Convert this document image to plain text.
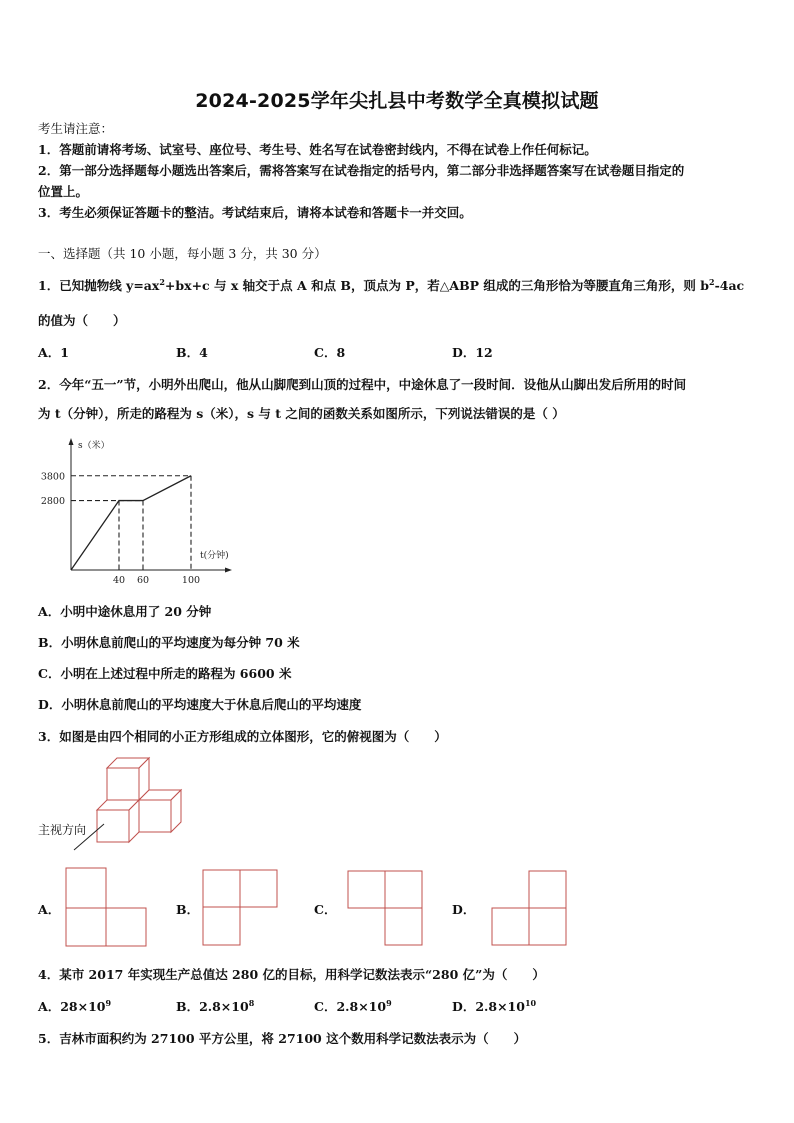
2024-2025学年尖扎县中考数学全真模拟试题
考生请注意：
1．答题前请将考场、试室号、座位号、考生号、姓名写在试卷密封线内，不得在试卷上作任何标记。
2．第一部分选择题每小题选出答案后，需将答案写在试卷指定的括号内，第二部分非选择题答案写在试卷题目指定的
位置上。
3．考生必须保证答题卡的整洁。考试结束后，请将本试卷和答题卡一并交回。
一、选择题（共 10 小题，每小题 3 分，共 30 分）
1．已知抛物线 $y=ax^2+bx+c$ 与 x 轴交于点 A 和点 B，顶点为 P，若△ABP 组成的三角形恰为等腰直角三角形，则 $b^2-4ac$
的值为（　　）
A．1	B．4	C．8	D．12
2．今年“五一”节，小明外出爬山，他从山脚爬到山顶的过程中，中途休息了一段时间．设他从山脚出发后所用的时间
为 t（分钟），所走的路程为 s（米），s 与 t 之间的函数关系如图所示，下列说法错误的是（ ）
40 60	100
2800
3800
s（米）
t(分钟)
A．小明中途休息用了 20 分钟
B．小明休息前爬山的平均速度为每分钟 70 米
C．小明在上述过程中所走的路程为 6600 米
D．小明休息前爬山的平均速度大于休息后爬山的平均速度
3．如图是由四个相同的小正方形组成的立体图形，它的俯视图为（　　）
主视方向
A．	B．	C．	D．
4．某市 2017 年实现生产总值达 280 亿的目标，用科学记数法表示“280 亿”为（　　）
A．$28\times 10^9$	B．$2.8\times 10^8$	C．$2.8\times 10^9$	D．$2.8\times 10^{10}$
5．吉林市面积约为 27100 平方公里，将 27100 这个数用科学记数法表示为（　　）
